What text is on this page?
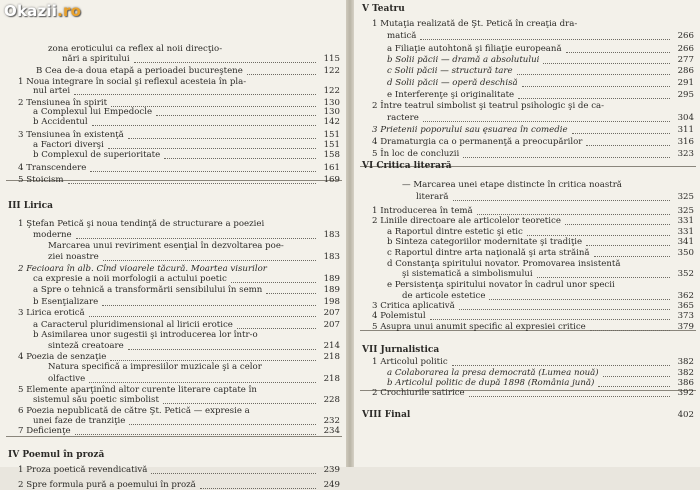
zona eroticului ca reflex al noii direcţio-
nări a spiritului	115
B Cea de-a doua etapă a perioadei bucureştene	122
1 Noua integrare în social şi reflexul acesteia în pla-
nul artei	122
2 Tensiunea în spirit	130
a Complexul lui Empedocle	130
b Accidentul	142
3 Tensiunea în existenţă	151
a Factori diverşi	151
b Complexul de superioritate	158
4 Transcendere	161
5 Stoicism	169
III Lirica
1 Ştefan Petică şi noua tendinţă de structurare a poeziei
moderne	183
Marcarea unui reviriment esenţial în dezvoltarea poe-
ziei noastre	183
2 Fecioara în alb. Cînd vioarele tăcură. Moartea visurilor
ca expresie a noii morfologii a actului poetic	189
a Spre o tehnică a transformării sensibilului în semn	189
b Esenţializare	198
3 Lirica erotică	207
a Caracterul pluridimensional al liricii erotice	207
b Asimilarea unor sugestii şi introducerea lor într-o
sinteză creatoare	214
4 Poezia de senzaţie	218
Natura specifică a impresiilor muzicale şi a celor
olfactive	218
5 Elemente aparţinînd altor curente literare captate în
sistemul său poetic simbolist	228
6 Poezia nepublicată de către Şt. Petică — expresie a
unei faze de tranziţie	232
7 Deficienţe	234
IV Poemul în proză
1 Proza poetică revendicativă	239
2 Spre formula pură a poemului în proză	249
Okazii.ro	V Teatru
1 Mutaţia realizată de Şt. Petică în creaţia dra-
matică	266
a Filiaţie autohtonă şi filiaţie europeană	266
b Solii păcii — dramă a absolutului	277
c Solii păcii — structură tare	286
d Solii păcii — operă deschisă	291
e Interferenţe şi originalitate	295
2 Între teatrul simbolist şi teatrul psihologic şi de ca-
ractere	304
3 Prietenii poporului sau ęsuarea în comedie	311
4 Dramaturgia ca o permanenţă a preocupărilor	316
5 În loc de concluzii	323
VI Critica literară
— Marcarea unei etape distincte în critica noastră
literară	325
1 Introducerea în temă	325
2 Liniile directoare ale articolelor teoretice	331
a Raportul dintre estetic şi etic	331
b Sinteza categoriilor modernitate şi tradiţie	341
c Raportul dintre arta naţională şi arta străină	350
d Constanţa spiritului novator. Promovarea insistentă
şi sistematică a simbolismului	352
e Persistenţa spiritului novator în cadrul unor specii
de articole estetice	362
3 Critica aplicativă	365
4 Polemistul	373
5 Asupra unui anumit specific al expresiei critice	379
VII Jurnalistica
1 Articolul politic	382
a Colaborarea la presa democrată (Lumea nouă)	382
b Articolul politic de după 1898 (România jună)	386
2 Crochiurile satirice	392
VIII Final	402
